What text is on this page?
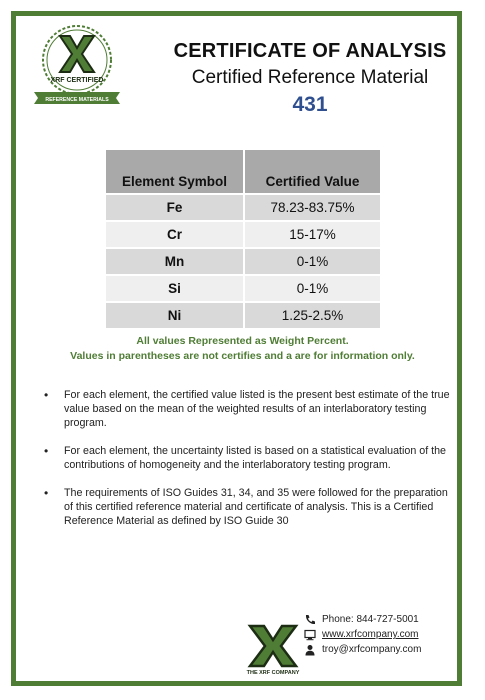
XRF CERTIFIED
REFERENCE MATERIALS
CERTIFICATE OF ANALYSIS
Certified Reference Material
431
Element Symbol	Certified Value
Fe	78.23-83.75%
Cr	15-17%
Mn	0-1%
Si	0-1%
Ni	1.25-2.5%
All values Represented as Weight Percent.
Values in parentheses are not certifies and a are for information only.
• For each element, the certified value listed is the present best estimate of the true value based on the mean of the weighted results of an interlaboratory testing program.
• For each element, the uncertainty listed is based on a statistical evaluation of the contributions of homogeneity and the interlaboratory testing program.
• The requirements of ISO Guides 31, 34, and 35 were followed for the preparation of this certified reference material and certificate of analysis. This is a Certified Reference Material as defined by ISO Guide 30
THE XRF COMPANY
Phone: 844-727-5001
www.xrfcompany.com
troy@xrfcompany.com
